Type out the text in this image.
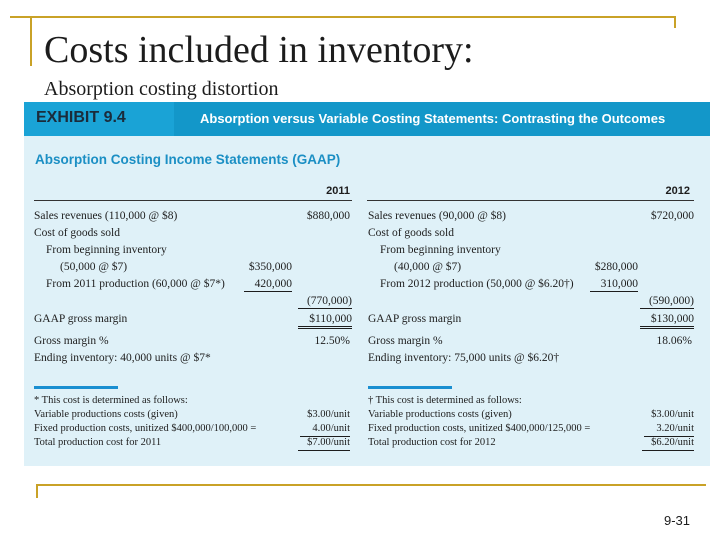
Costs included in inventory:
Absorption costing distortion
EXHIBIT 9.4	Absorption versus Variable Costing Statements: Contrasting the Outcomes
Absorption Costing Income Statements (GAAP)
2011
Sales revenues (110,000 @ $8)	$880,000
Cost of goods sold
From beginning inventory
(50,000 @ $7)	$350,000
From 2011 production (60,000 @ $7*)	420,000
(770,000)
GAAP gross margin	$110,000
Gross margin %	12.50%
Ending inventory: 40,000 units @ $7*
* This cost is determined as follows:
Variable productions costs (given)	$3.00/unit
Fixed production costs, unitized $400,000/100,000 =	4.00/unit
Total production cost for 2011	$7.00/unit
2012
Sales revenues (90,000 @ $8)	$720,000
Cost of goods sold
From beginning inventory
(40,000 @ $7)	$280,000
From 2012 production (50,000 @ $6.20†)	310,000
(590,000)
GAAP gross margin	$130,000
Gross margin %	18.06%
Ending inventory: 75,000 units @ $6.20†
† This cost is determined as follows:
Variable productions costs (given)	$3.00/unit
Fixed production costs, unitized $400,000/125,000 =	3.20/unit
Total production cost for 2012	$6.20/unit
9-31
